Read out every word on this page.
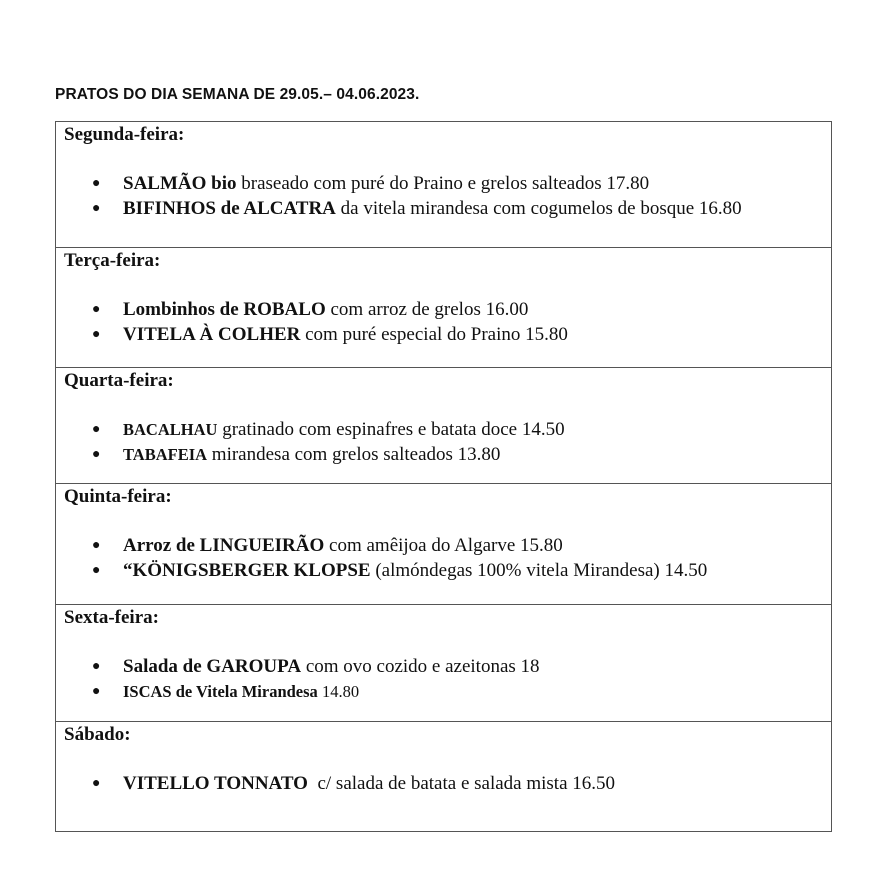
PRATOS DO DIA SEMANA DE 29.05.– 04.06.2023.
Segunda-feira:
● SALMÃO bio braseado com puré do Praino e grelos salteados 17.80
● BIFINHOS de ALCATRA da vitela mirandesa com cogumelos de bosque 16.80
Terça-feira:
● Lombinhos de ROBALO com arroz de grelos 16.00
● VITELA À COLHER com puré especial do Praino 15.80
Quarta-feira:
● BACALHAU gratinado com espinafres e batata doce 14.50
● TABAFEIA mirandesa com grelos salteados 13.80
Quinta-feira:
● Arroz de LINGUEIRÃO com amêijoa do Algarve 15.80
● “KÖNIGSBERGER KLOPSE (almóndegas 100% vitela Mirandesa) 14.50
Sexta-feira:
● Salada de GAROUPA com ovo cozido e azeitonas 18
● ISCAS de Vitela Mirandesa 14.80
Sábado:
● VITELLO TONNATO  c/ salada de batata e salada mista 16.50
